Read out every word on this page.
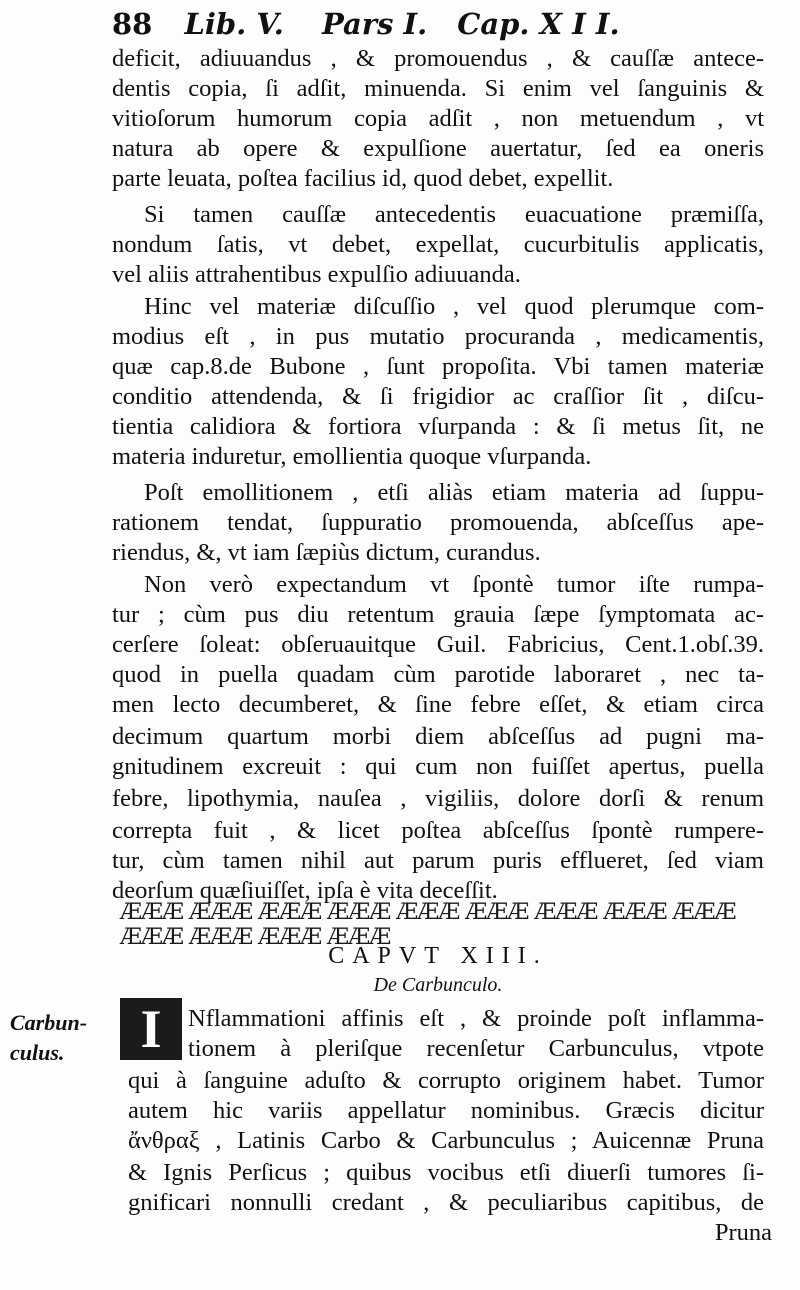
88 Lib. V. Pars I. Cap. X I I.
deficit, adiuuandus , & promouendus , & cauſſæ antece-
dentis copia, ſi adſit, minuenda. Si enim vel ſanguinis &
vitioſorum humorum copia adſit , non metuendum , vt
natura ab opere & expulſione auertatur, ſed ea oneris
parte leuata, poſtea facilius id, quod debet, expellit.
Si tamen cauſſæ antecedentis euacuatione præmiſſa,
nondum ſatis, vt debet, expellat, cucurbitulis applicatis,
vel aliis attrahentibus expulſio adiuuanda.
Hinc vel materiæ diſcuſſio , vel quod plerumque com-
modius eſt , in pus mutatio procuranda , medicamentis,
quæ cap.8.de Bubone , ſunt propoſita. Vbi tamen materiæ
conditio attendenda, & ſi frigidior ac craſſior ſit , diſcu-
tientia calidiora & fortiora vſurpanda : & ſi metus ſit, ne
materia induretur, emollientia quoque vſurpanda.
Poſt emollitionem , etſi aliàs etiam materia ad ſuppu-
rationem tendat, ſuppuratio promouenda, abſceſſus ape-
riendus, &, vt iam ſæpiùs dictum, curandus.
Non verò expectandum vt ſpontè tumor iſte rumpa-
tur ; cùm pus diu retentum grauia ſæpe ſymptomata ac-
cerſere ſoleat: obſeruauitque Guil. Fabricius, Cent.1.obſ.39.
quod in puella quadam cùm parotide laboraret , nec ta-
men lecto decumberet, & ſine febre eſſet, & etiam circa
decimum quartum morbi diem abſceſſus ad pugni ma-
gnitudinem excreuit : qui cum non fuiſſet apertus, puella
febre, lipothymia, nauſea , vigiliis, dolore dorſi & renum
correpta fuit , & licet poſtea abſceſſus ſpontè rumpere-
tur, cùm tamen nihil aut parum puris efflueret, ſed viam
deorſum quæſiuiſſet, ipſa è vita deceſſit.
ÆÆÆ ÆÆÆ ÆÆÆ ÆÆÆ ÆÆÆ ÆÆÆ ÆÆÆ ÆÆÆ ÆÆÆ ÆÆÆ ÆÆÆ ÆÆÆ ÆÆÆ
CAPVT XIII.
De Carbunculo.
Carbun-
culus.	I	Nflammationi affinis eſt , & proinde poſt inflamma-
tionem à pleriſque recenſetur Carbunculus, vtpote
qui à ſanguine aduſto & corrupto originem habet. Tumor
autem hic variis appellatur nominibus. Græcis dicitur
ἄνθραξ , Latinis Carbo & Carbunculus ; Auicennæ Pruna
& Ignis Perſicus ; quibus vocibus etſi diuerſi tumores ſi-
gnificari nonnulli credant , & peculiaribus capitibus, de
Pruna
